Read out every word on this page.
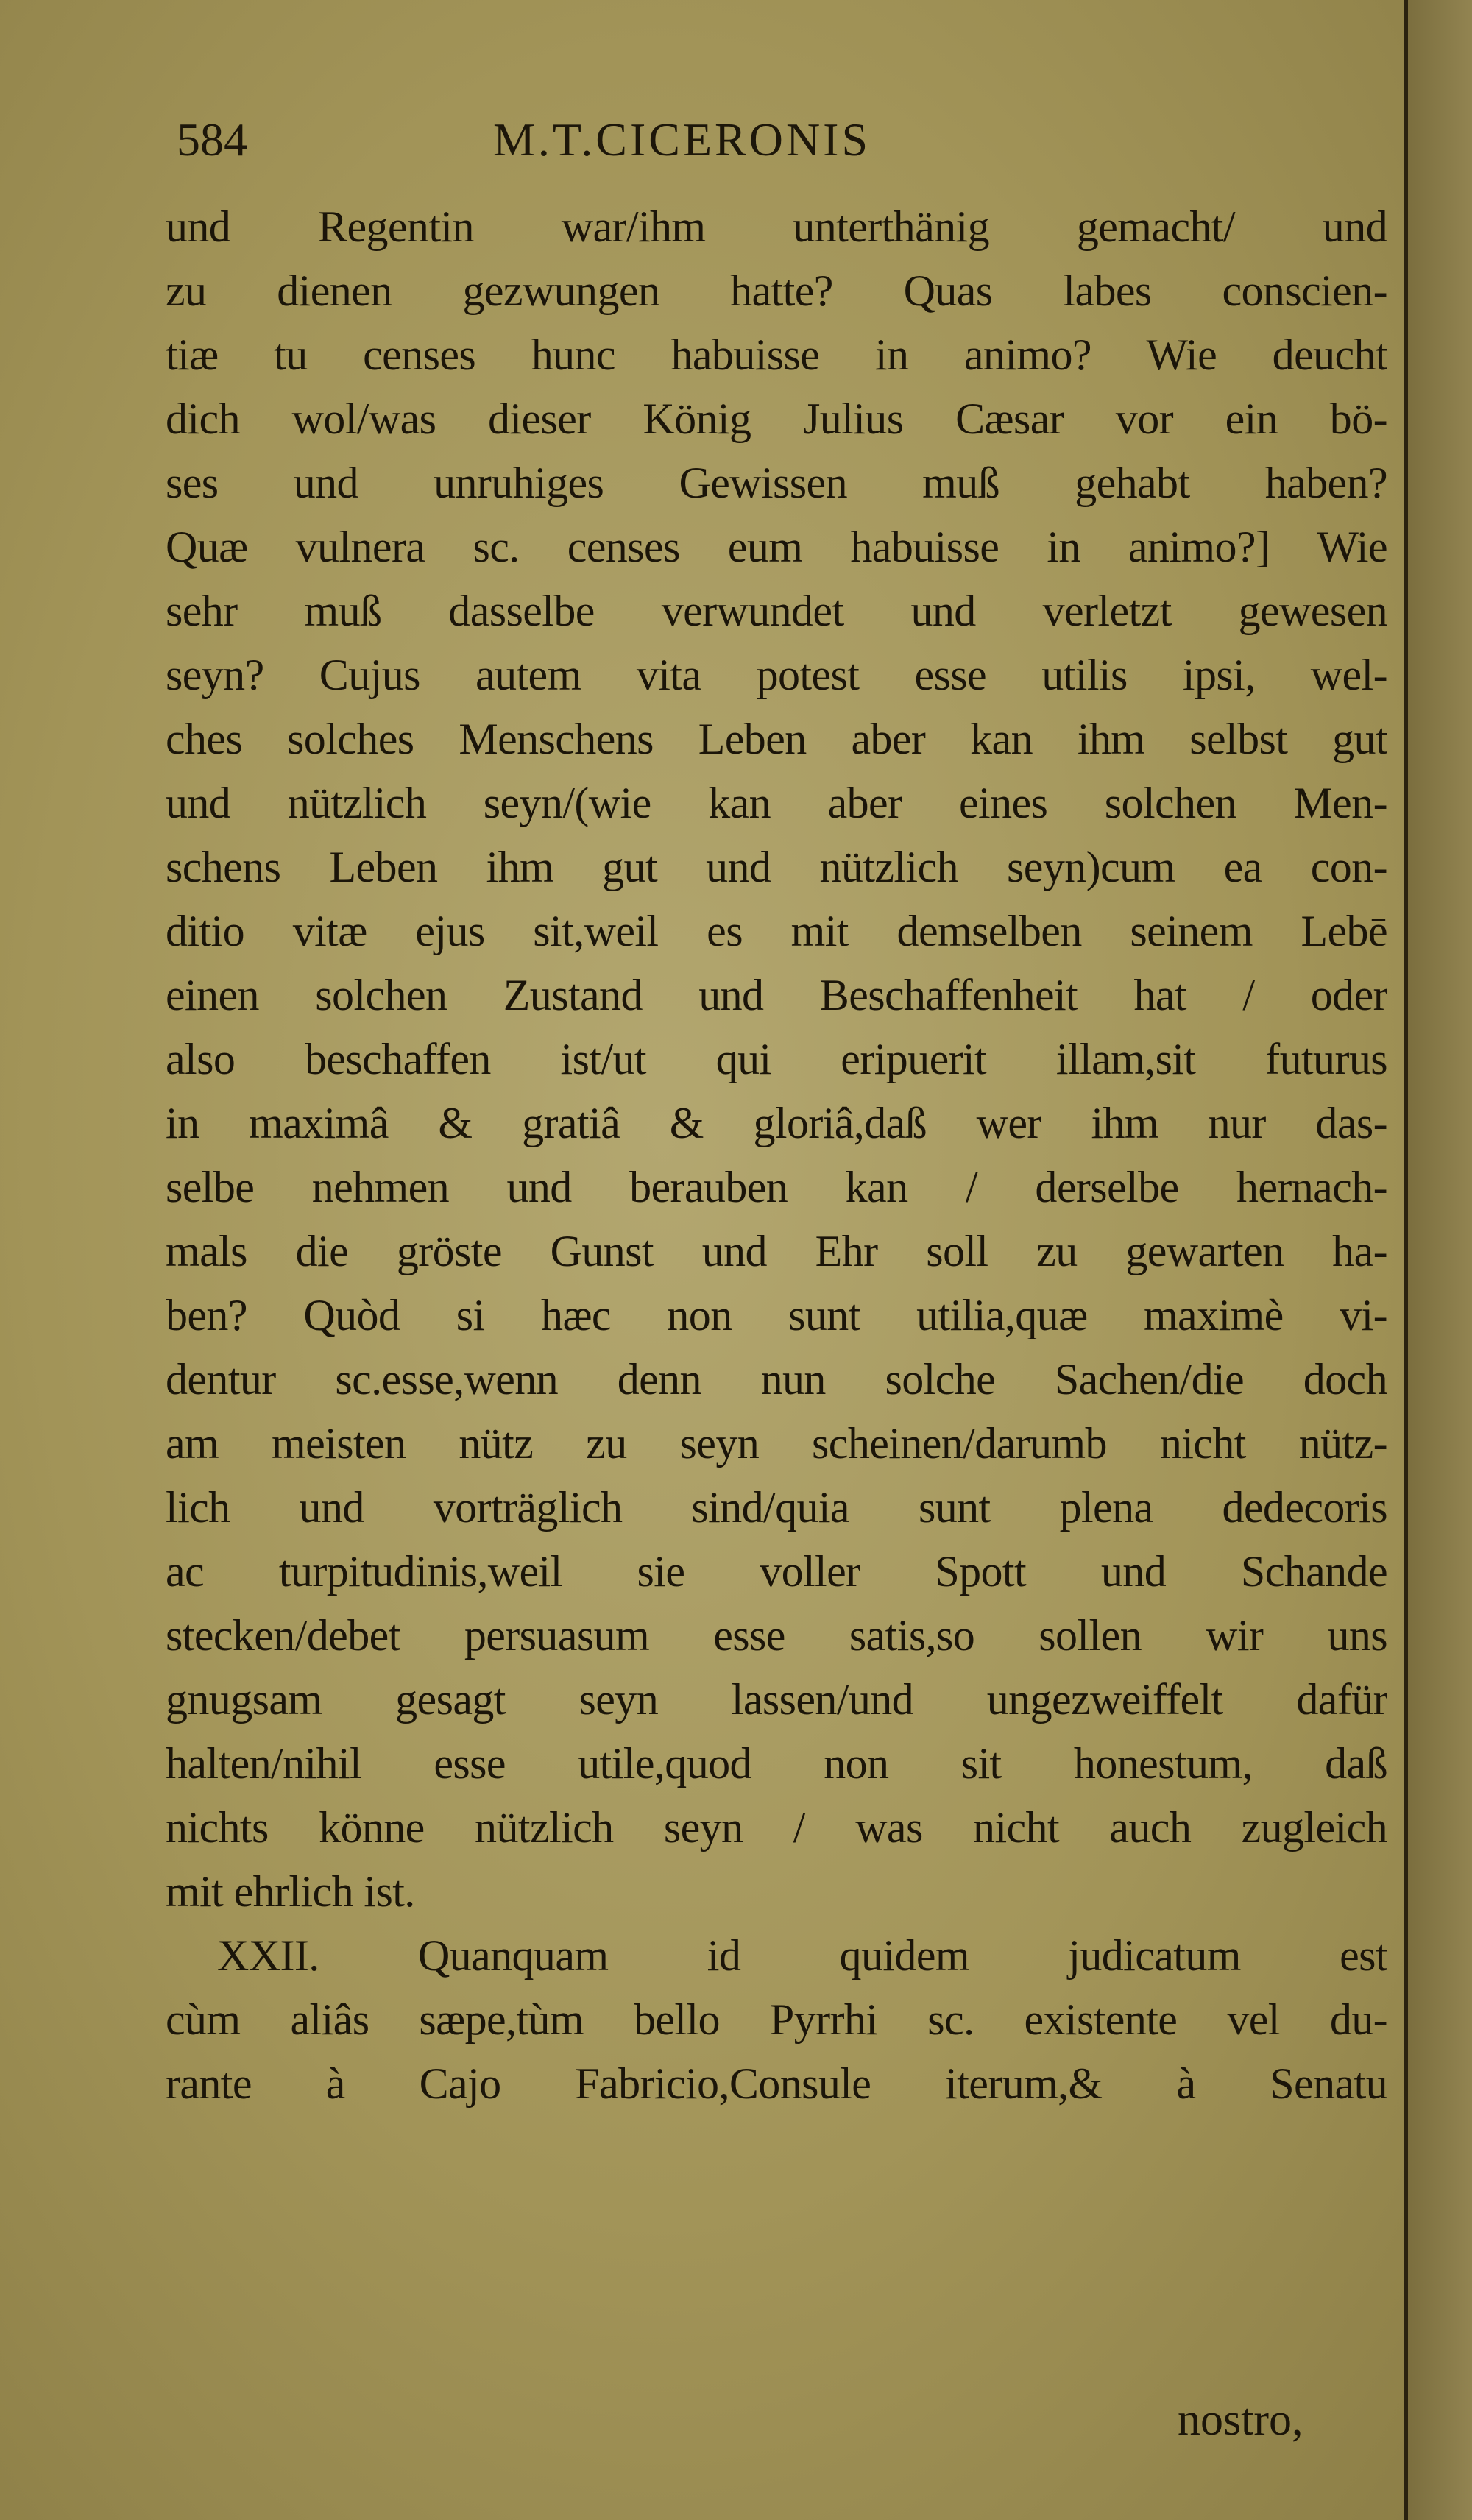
584	M.T.CICERONIS
und Regentin war/ihm unterthänig gemacht/ und
zu dienen gezwungen hatte? Quas labes conscien-
tiæ tu censes hunc habuisse in animo? Wie deucht
dich wol/was dieser König Julius Cæsar vor ein bö-
ses und unruhiges Gewissen muß gehabt haben?
Quæ vulnera sc. censes eum habuisse in animo?] Wie
sehr muß dasselbe verwundet und verletzt gewesen
seyn? Cujus autem vita potest esse utilis ipsi, wel-
ches solches Menschens Leben aber kan ihm selbst gut
und nützlich seyn/(wie kan aber eines solchen Men-
schens Leben ihm gut und nützlich seyn)cum ea con-
ditio vitæ ejus sit,weil es mit demselben seinem Lebē
einen solchen Zustand und Beschaffenheit hat / oder
also beschaffen ist/ut qui eripuerit illam,sit futurus
in maximâ & gratiâ & gloriâ,daß wer ihm nur das-
selbe nehmen und berauben kan / derselbe hernach-
mals die gröste Gunst und Ehr soll zu gewarten ha-
ben? Quòd si hæc non sunt utilia,quæ maximè vi-
dentur sc.esse,wenn denn nun solche Sachen/die doch
am meisten nütz zu seyn scheinen/darumb nicht nütz-
lich und vorträglich sind/quia sunt plena dedecoris
ac turpitudinis,weil sie voller Spott und Schande
stecken/debet persuasum esse satis,so sollen wir uns
gnugsam gesagt seyn lassen/und ungezweiffelt dafür
halten/nihil esse utile,quod non sit honestum, daß
nichts könne nützlich seyn / was nicht auch zugleich
mit ehrlich ist.
XXII. Quanquam id quidem judicatum est
cùm aliâs sæpe,tùm bello Pyrrhi sc. existente vel du-
rante à Cajo Fabricio,Consule iterum,& à Senatu
nostro,
